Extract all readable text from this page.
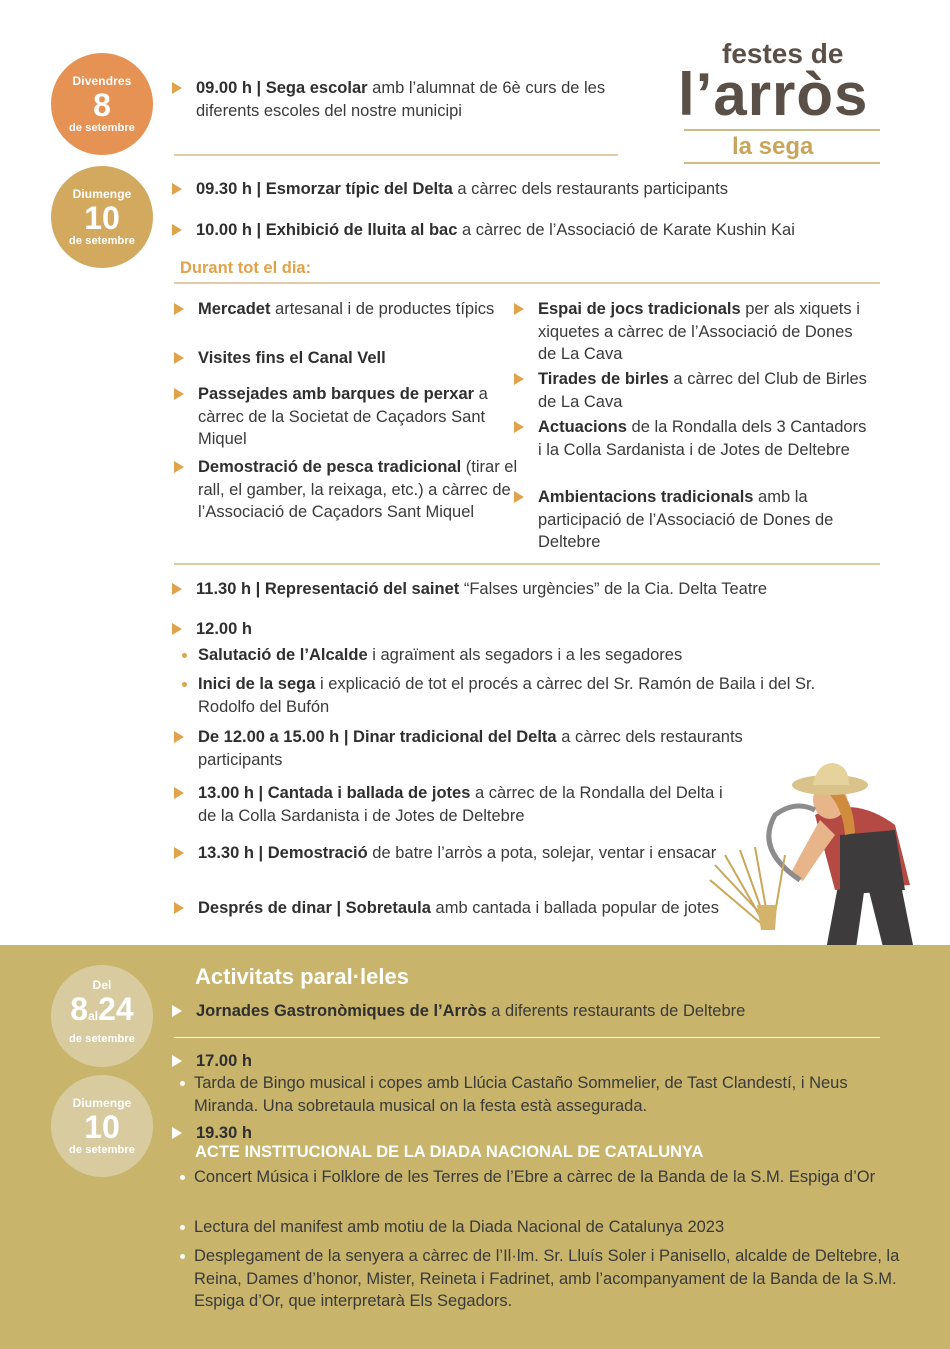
festes de
l’arròs
la sega
Divendres
8
de setembre
Diumenge
10
de setembre
09.00 h | Sega escolar amb l’alumnat de 6è curs de les diferents escoles del nostre municipi
09.30 h | Esmorzar típic del Delta a càrrec dels restaurants participants
10.00 h | Exhibició de lluita al bac a càrrec de l’Associació de Karate Kushin Kai
Durant tot el dia:
Mercadet artesanal i de productes típics
Visites fins el Canal Vell
Passejades amb barques de perxar a càrrec de la Societat de Caçadors Sant Miquel
Demostració de pesca tradicional (tirar el rall, el gamber, la reixaga, etc.) a càrrec de l’Associació de Caçadors Sant Miquel
Espai de jocs tradicionals per als xiquets i xiquetes a càrrec de l’Associació de Dones de La Cava
Tirades de birles a càrrec del Club de Birles de La Cava
Actuacions de la Rondalla dels 3 Cantadors i la Colla Sardanista i de Jotes de Deltebre
Ambientacions tradicionals amb la participació de l’Associació de Dones de Deltebre
11.30 h | Representació del sainet “Falses urgències” de la Cia. Delta Teatre
12.00 h
Salutació de l’Alcalde i agraïment als segadors i a les segadores
Inici de la sega i explicació de tot el procés a càrrec del Sr. Ramón de Baila i del Sr. Rodolfo del Bufón
De 12.00 a 15.00 h | Dinar tradicional del Delta a càrrec dels restaurants participants
13.00 h | Cantada i ballada de jotes a càrrec de la Rondalla del Delta i de la Colla Sardanista i de Jotes de Deltebre
13.30 h | Demostració de batre l’arròs a pota, solejar, ventar i ensacar
Després de dinar | Sobretaula amb cantada i ballada popular de jotes
Del
8al24
de setembre
Diumenge
10
de setembre
Activitats paral·leles
Jornades Gastronòmiques de l’Arròs a diferents restaurants de Deltebre
17.00 h
Tarda de Bingo musical i copes amb Llúcia Castaño Sommelier, de Tast Clandestí, i Neus Miranda. Una sobretaula musical on la festa està assegurada.
19.30 h
ACTE INSTITUCIONAL DE LA DIADA NACIONAL DE CATALUNYA
Concert Música i Folklore de les Terres de l’Ebre a càrrec de la Banda de la S.M. Espiga d’Or
Lectura del manifest amb motiu de la Diada Nacional de Catalunya 2023
Desplegament de la senyera a càrrec de l’Il·lm. Sr. Lluís Soler i Panisello, alcalde de Deltebre, la Reina, Dames d’honor, Mister, Reineta i Fadrinet, amb l’acompanyament de la Banda de la S.M. Espiga d’Or, que interpretarà Els Segadors.
